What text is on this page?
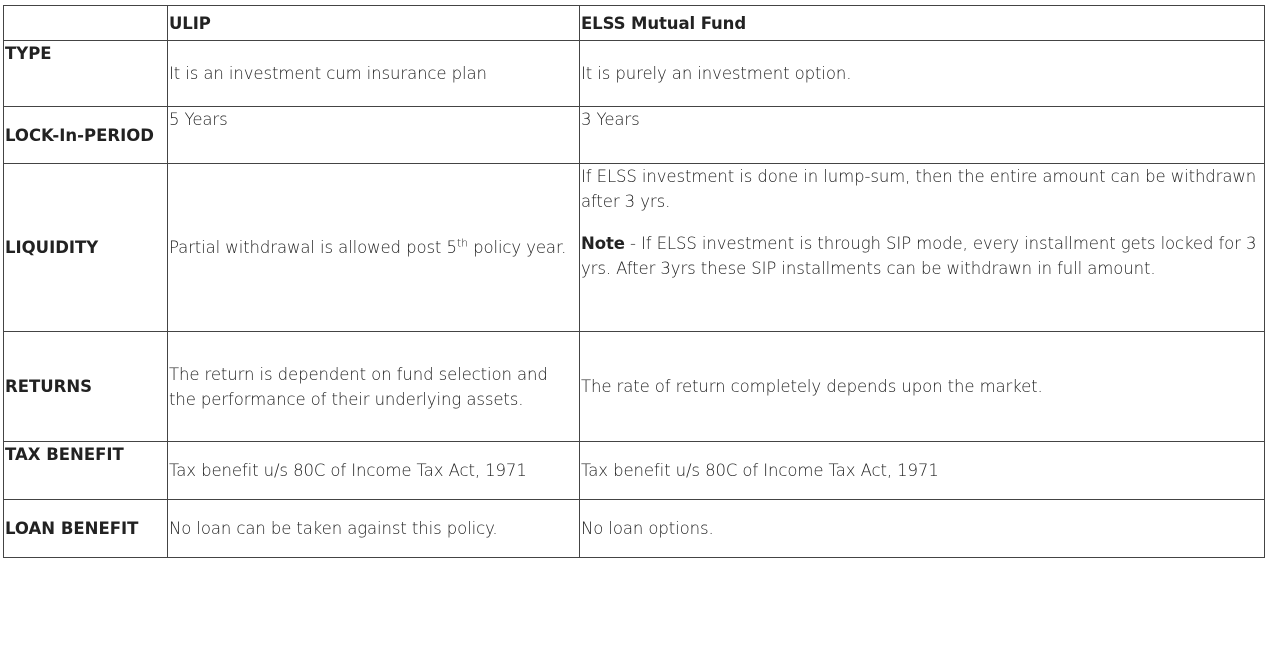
	ULIP	ELSS Mutual Fund
TYPE	It is an investment cum insurance plan	It is purely an investment option.
LOCK-In-PERIOD	5 Years	3 Years
LIQUIDITY	Partial withdrawal is allowed post 5th policy year.	If ELSS investment is done in lump-sum, then the entire amount can be withdrawn after 3 yrs.

Note - If ELSS investment is through SIP mode, every installment gets locked for 3 yrs. After 3yrs these SIP installments can be withdrawn in full amount.

RETURNS	The return is dependent on fund selection and the performance of their underlying assets.	The rate of return completely depends upon the market.
TAX BENEFIT	Tax benefit u/s 80C of Income Tax Act, 1971	Tax benefit u/s 80C of Income Tax Act, 1971
LOAN BENEFIT	No loan can be taken against this policy.	No loan options.
